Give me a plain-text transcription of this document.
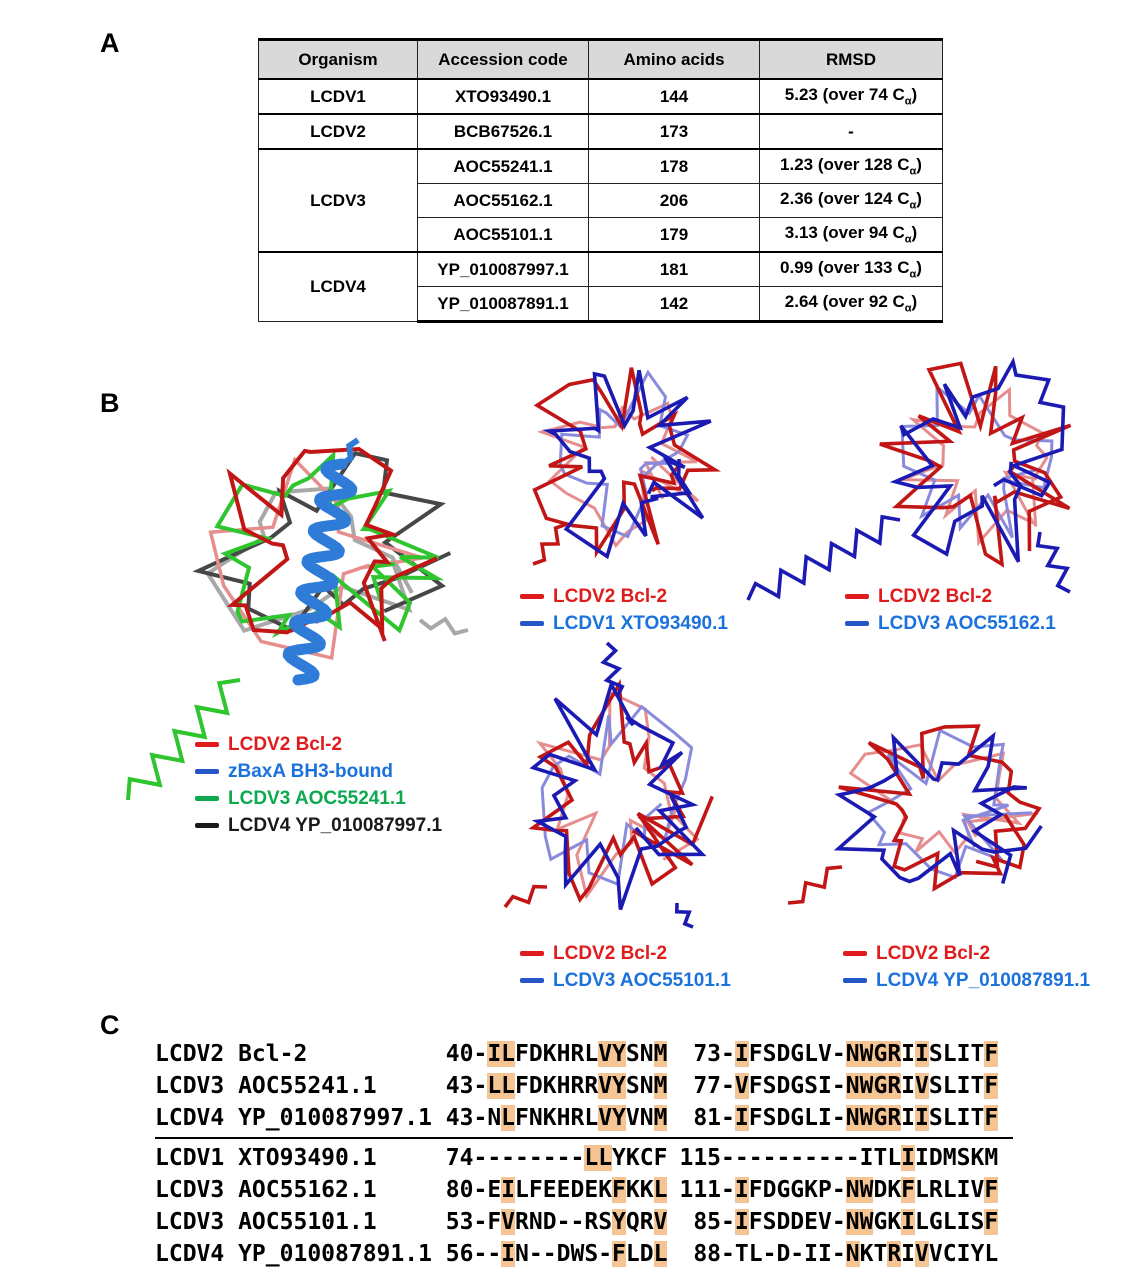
A
B
C
Organism	Accession code	Amino acids	RMSD
LCDV1	XTO93490.1	144	5.23 (over 74 $C_\alpha$)
LCDV2	BCB67526.1	173	-
LCDV3	AOC55241.1	178	1.23 (over 128 $C_\alpha$)
	AOC55162.1	206	2.36 (over 124 $C_\alpha$)
	AOC55101.1	179	3.13 (over 94 $C_\alpha$)
LCDV4	YP_010087997.1	181	0.99 (over 133 $C_\alpha$)
	YP_010087891.1	142	2.64 (over 92 $C_\alpha$)
LCDV2 Bcl-2
zBaxA BH3-bound
LCDV3 AOC55241.1
LCDV4 YP_010087997.1
LCDV2 Bcl-2
LCDV1 XTO93490.1
LCDV2 Bcl-2
LCDV3 AOC55162.1
LCDV2 Bcl-2
LCDV3 AOC55101.1
LCDV2 Bcl-2
LCDV4 YP_010087891.1
LCDV2 Bcl-2	40-ILFDKHRLVYSNM	73-IFSDGLV-NWGRIISLITF
LCDV3 AOC55241.1	43-LLFDKHRRVYSNM	77-VFSDGSI-NWGRIVSLITF
LCDV4 YP_010087997.1 43-NLFNKHRLVYVNM	81-IFSDGLI-NWGRIISLITF
LCDV1 XTO93490.1	74--------LLYKCF 115----------ITLIIDMSKM
LCDV3 AOC55162.1	80-EILFEEDEKFKKL 111-IFDGGKP-NWDKFLRLIVF
LCDV3 AOC55101.1	53-FVRND--RSYQRV	85-IFSDDEV-NWGKILGLISF
LCDV4 YP_010087891.1 56--IN--DWS-FLDL	88-TL-D-II-NKTRIVVCIYL
